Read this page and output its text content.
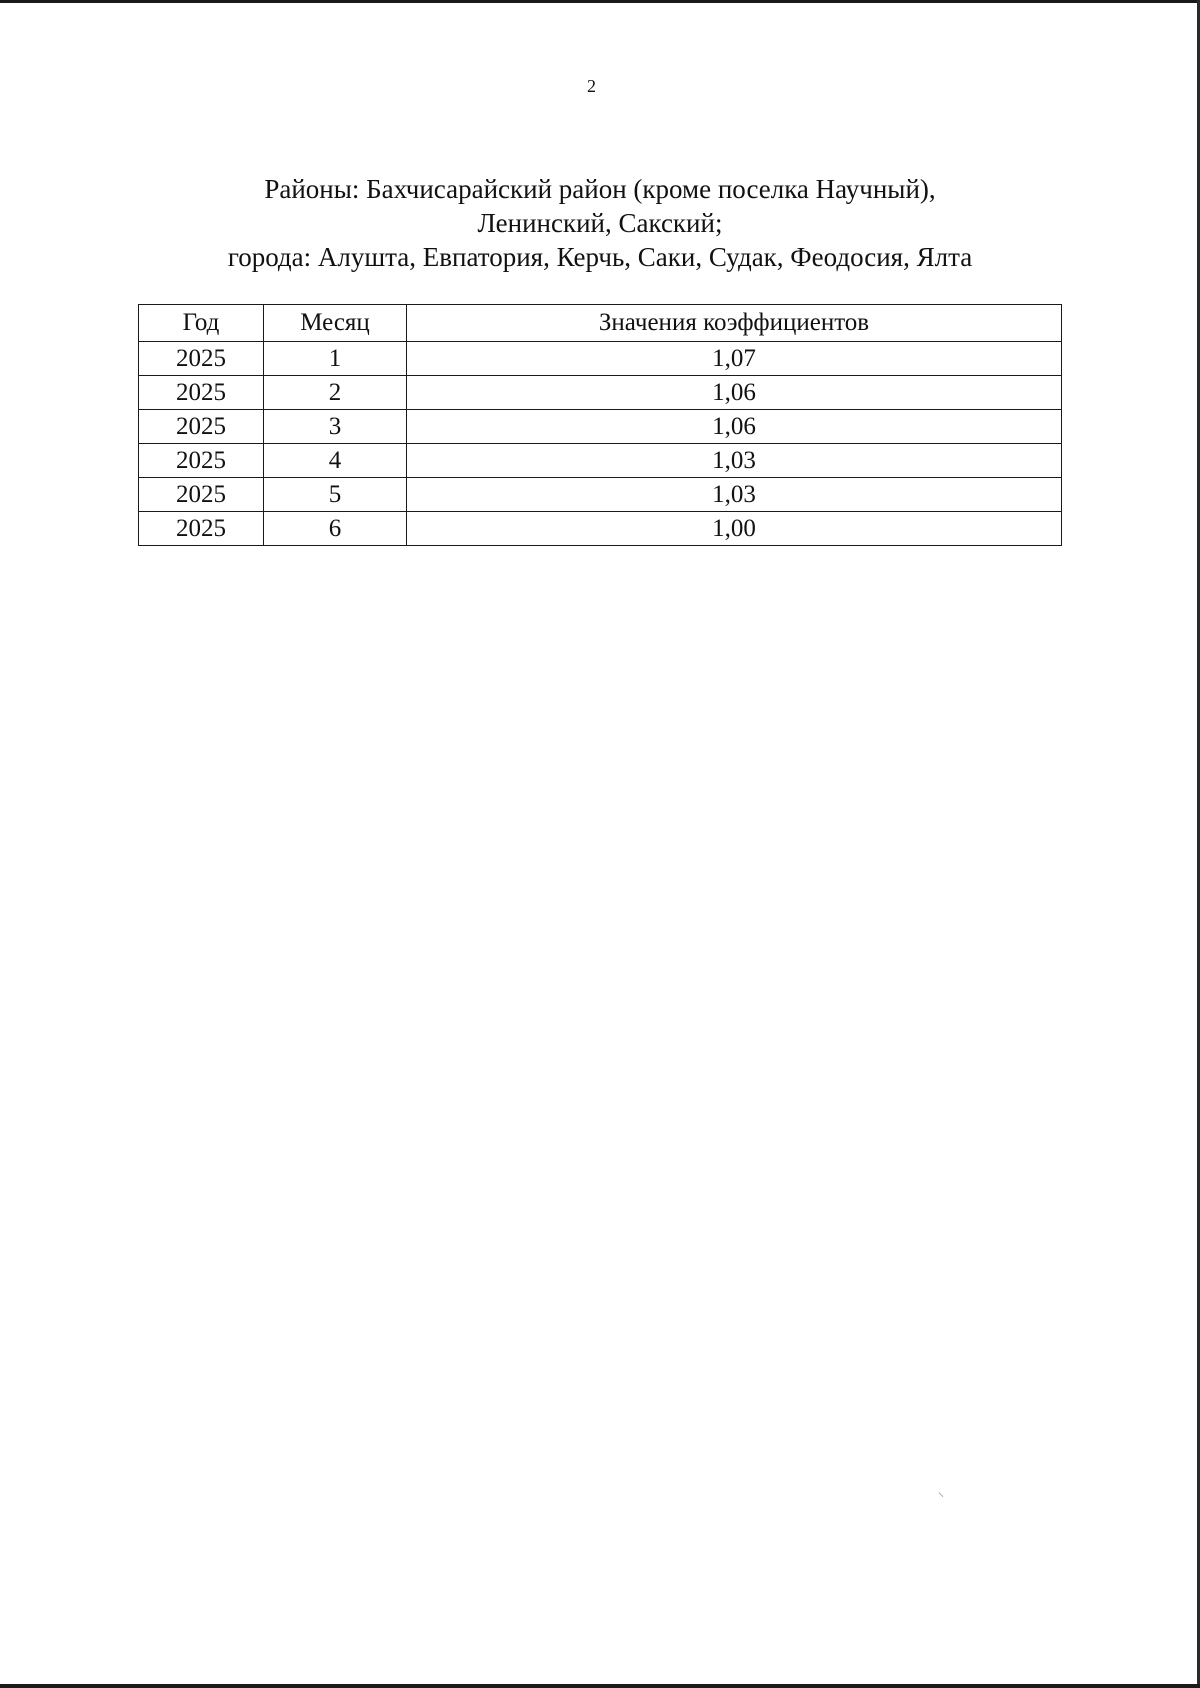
2
Районы: Бахчисарайский район (кроме поселка Научный),
Ленинский, Сакский;
города: Алушта, Евпатория, Керчь, Саки, Судак, Феодосия, Ялта
Год	Месяц	Значения коэффициентов
2025	1	1,07
2025	2	1,06
2025	3	1,06
2025	4	1,03
2025	5	1,03
2025	6	1,00
⸌
